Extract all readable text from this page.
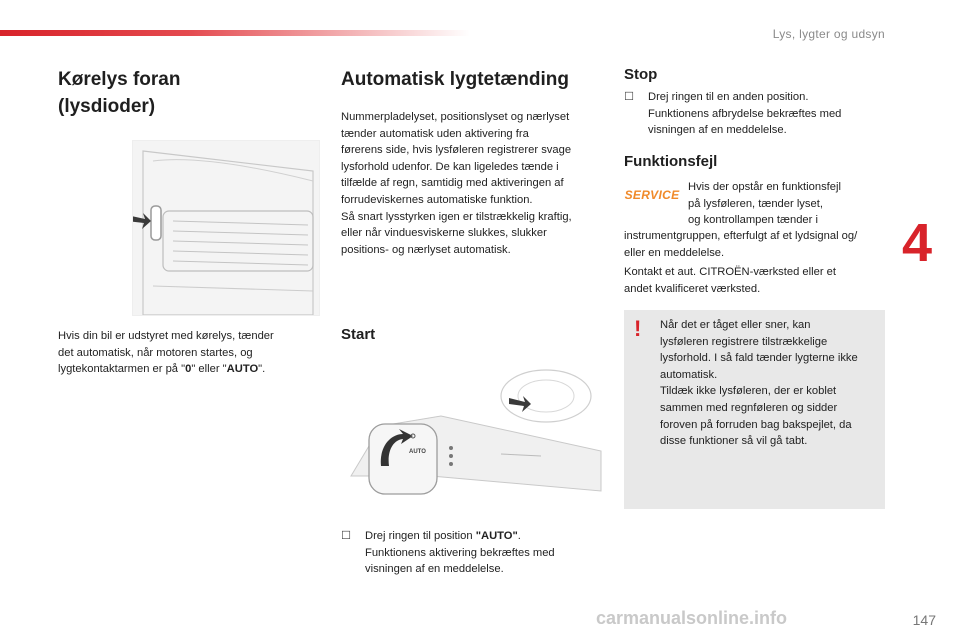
Lys, lygter og udsyn
4
Kørelys foran
(lysdioder)
Hvis din bil er udstyret med kørelys, tænder
det automatisk, når motoren startes, og
lygtekontaktarmen er på "0" eller "AUTO".
Automatisk lygtetænding
Nummerpladelyset, positionslyset og nærlyset
tænder automatisk uden aktivering fra
førerens side, hvis lysføleren registrerer svage
lysforhold udenfor. De kan ligeledes tænde i
tilfælde af regn, samtidig med aktiveringen af
forrudeviskernes automatiske funktion.
Så snart lysstyrken igen er tilstrækkelig kraftig,
eller når vinduesviskerne slukkes, slukker
positions- og nærlyset automatisk.
Start
AUTO
☐	Drej ringen til position "AUTO".
Funktionens aktivering bekræftes med
visningen af en meddelelse.
Stop
☐	Drej ringen til en anden position.
Funktionens afbrydelse bekræftes med
visningen af en meddelelse.
Funktionsfejl
SERVICE
Hvis der opstår en funktionsfejl
på lysføleren, tænder lyset,
og kontrollampen tænder i
instrumentgruppen, efterfulgt af et lydsignal og/
eller en meddelelse.
Kontakt et aut. CITROËN-værksted eller et
andet kvalificeret værksted.
! Når det er tåget eller sner, kan
lysføleren registrere tilstrækkelige
lysforhold. I så fald tænder lygterne ikke
automatisk.
Tildæk ikke lysføleren, der er koblet
sammen med regnføleren og sidder
foroven på forruden bag bakspejlet, da
disse funktioner så vil gå tabt.
carmanualsonline.info	147
